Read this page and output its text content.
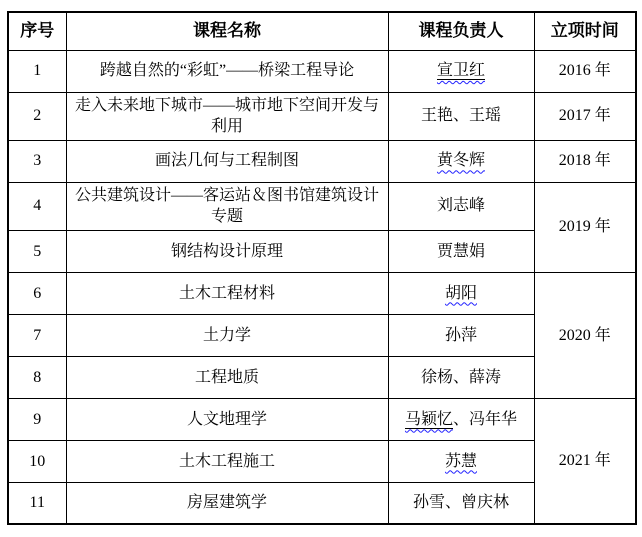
序号	课程名称	课程负责人	立项时间
1	跨越自然的“彩虹”——桥梁工程导论	宣卫红	2016 年
2	走入未来地下城市——城市地下空间开发与利用	王艳、王瑶	2017 年
3	画法几何与工程制图	黄冬辉	2018 年
4	公共建筑设计——客运站＆图书馆建筑设计专题	刘志峰	2019 年
5	钢结构设计原理	贾慧娟	
6	土木工程材料	胡阳	2020 年
7	土力学	孙萍	
8	工程地质	徐杨、薛涛	
9	人文地理学	马颖忆、冯年华	2021 年
10	土木工程施工	苏慧	
11	房屋建筑学	孙雪、曾庆林	
